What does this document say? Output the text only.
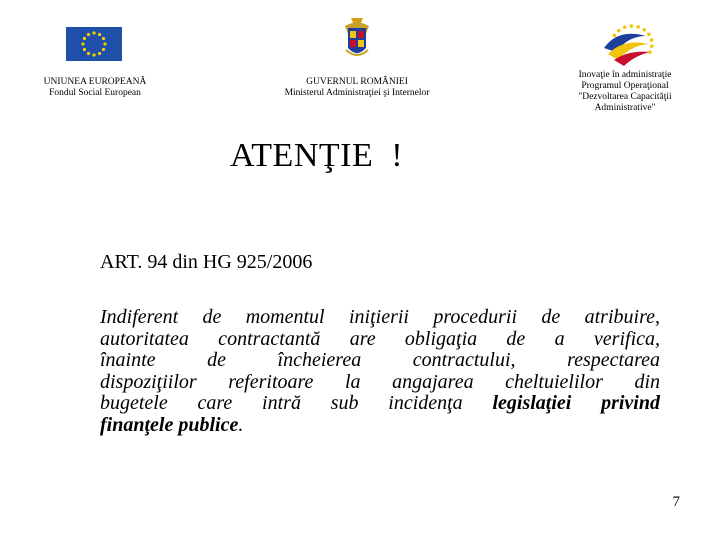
UNIUNEA EUROPEANĂ
Fondul Social European
GUVERNUL ROMÂNIEI
Ministerul Administraţiei şi Internelor
Inovaţie în administraţie
Programul Operaţional
"Dezvoltarea Capacităţii
Administrative"
ATENŢIE  !
ART. 94 din HG 925/2006
Indiferent de momentul iniţierii procedurii de atribuire,
autoritatea contractantă are obligaţia de a verifica,
înainte de încheierea contractului, respectarea
dispoziţiilor referitoare la angajarea cheltuielilor din
bugetele care intră sub incidenţa legislaţiei privind
finanţele publice.
7
